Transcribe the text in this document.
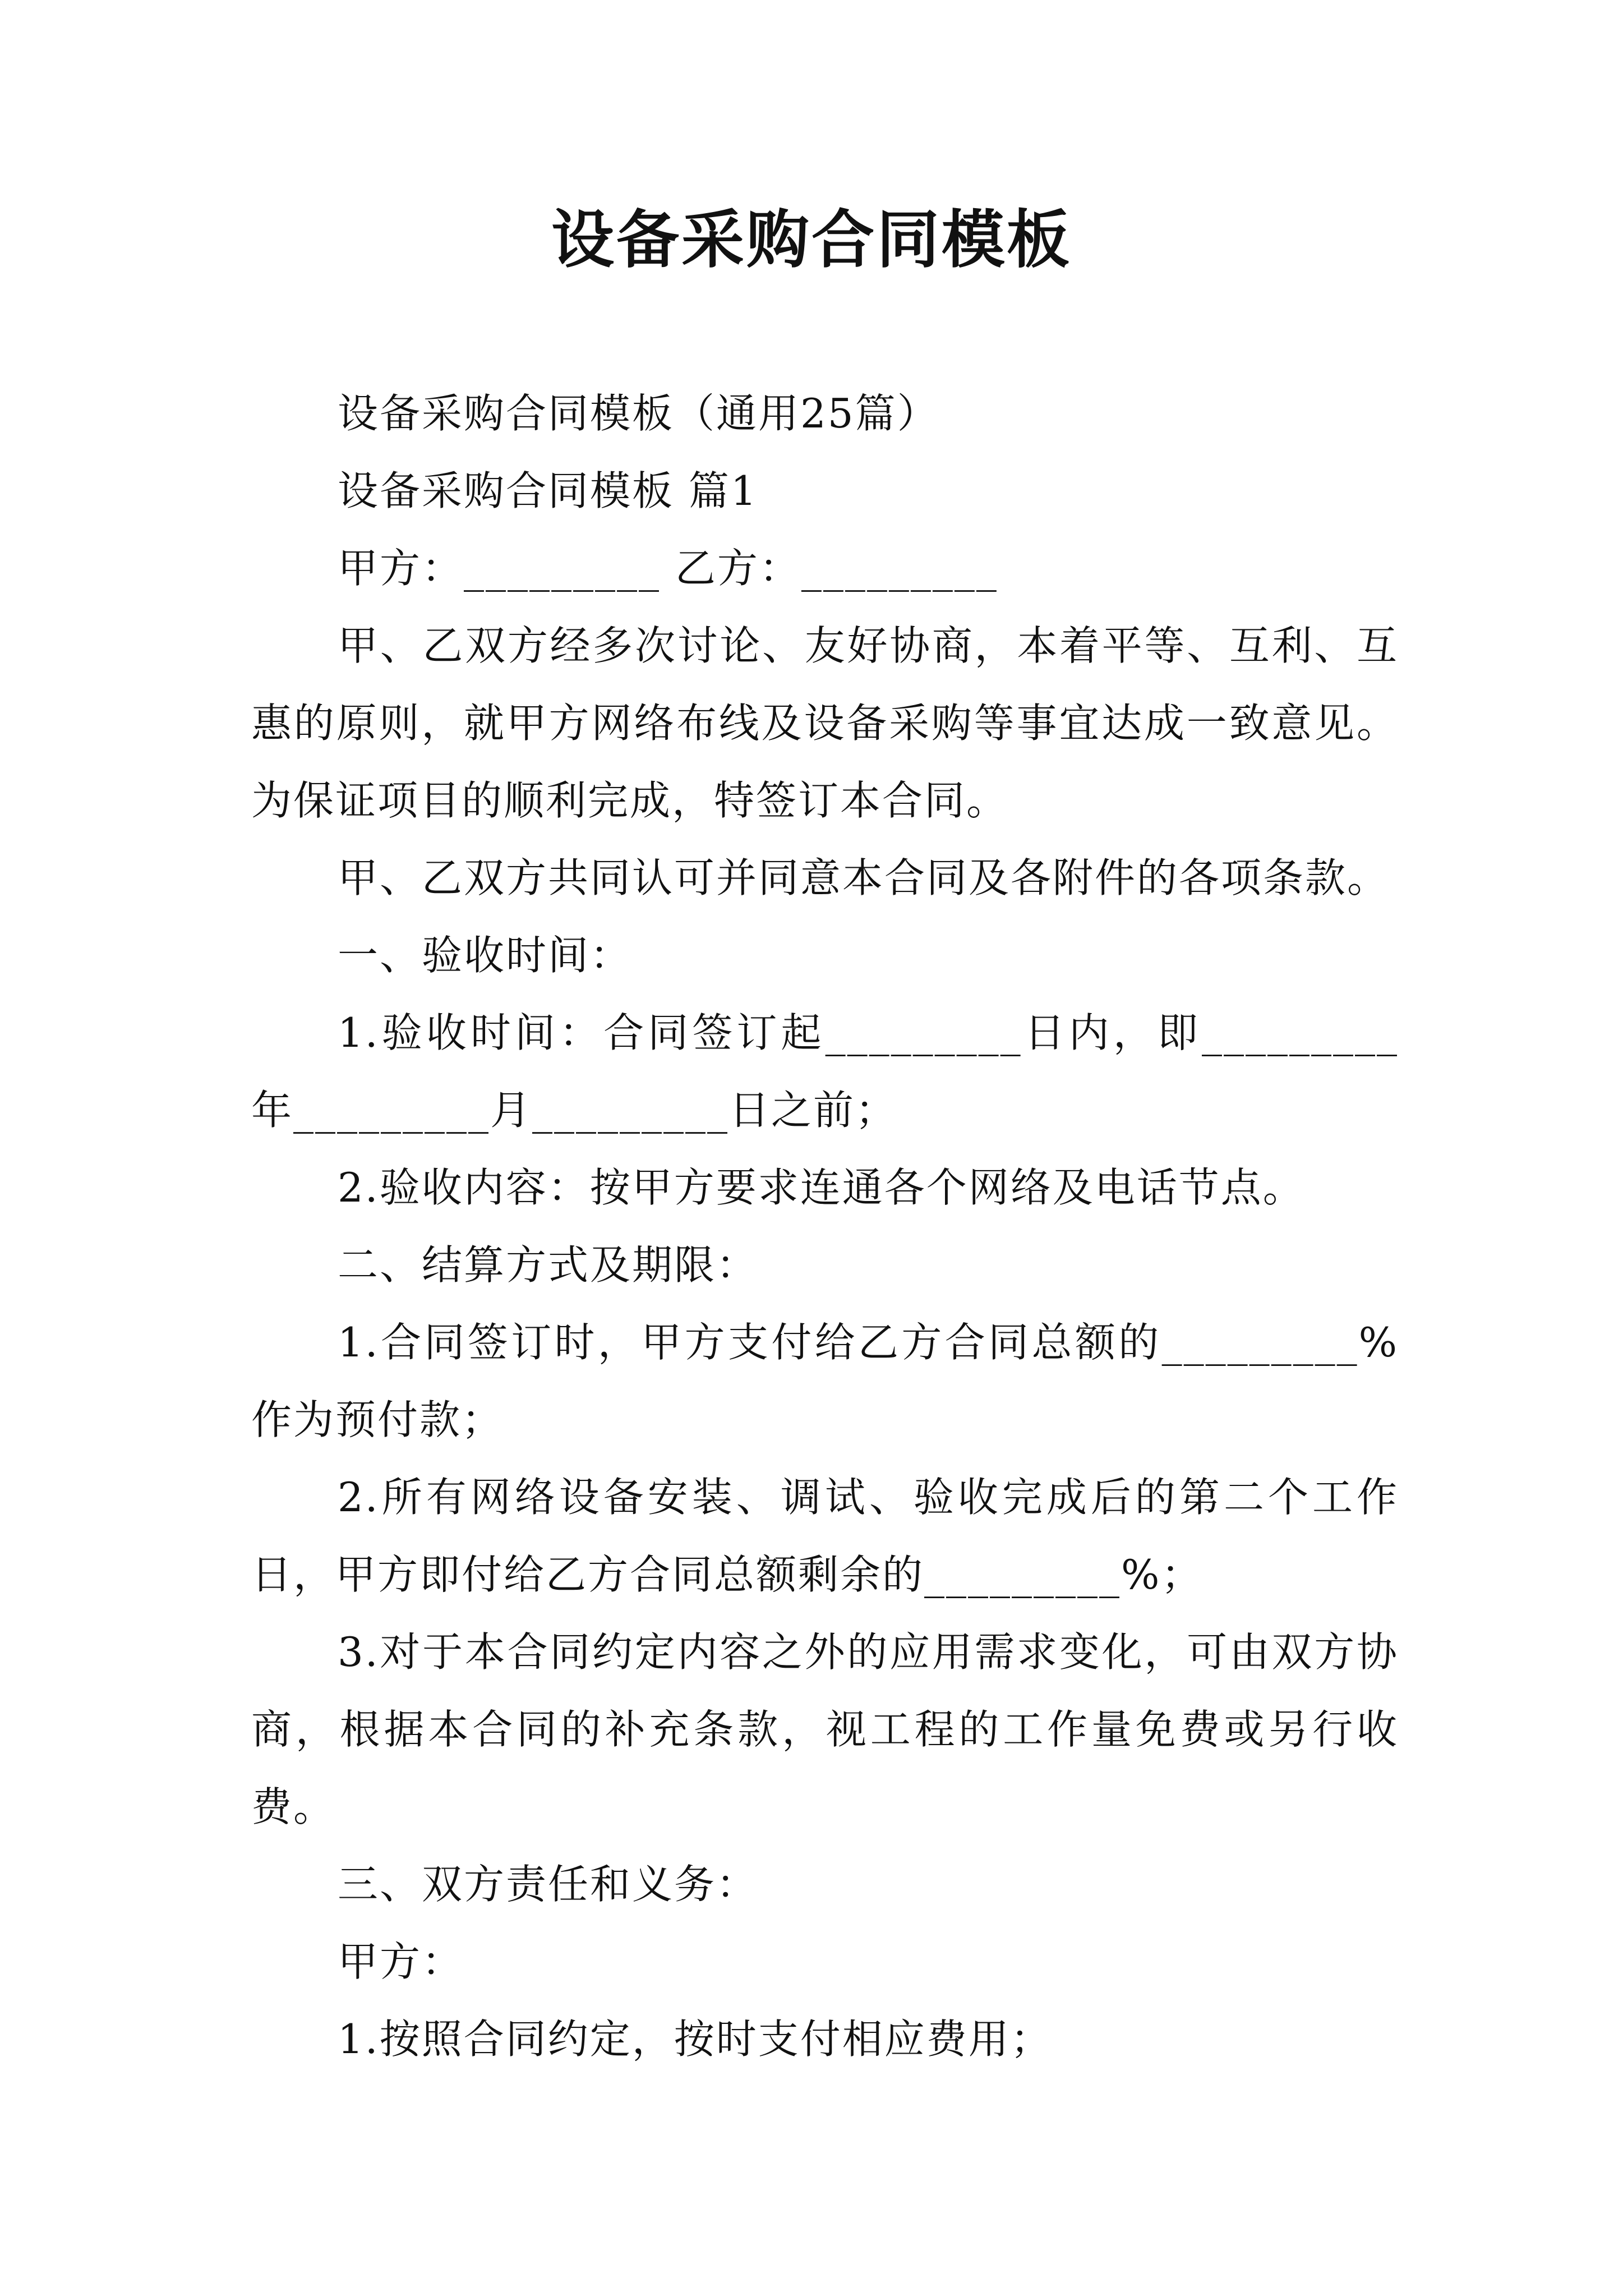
设备采购合同模板

设备采购合同模板（通用25篇）

设备采购合同模板 篇1

甲方：_________ 乙方：_________

甲、乙双方经多次讨论、友好协商，本着平等、互利、互惠的原则，就甲方网络布线及设备采购等事宜达成一致意见。为保证项目的顺利完成，特签订本合同。

甲、乙双方共同认可并同意本合同及各附件的各项条款。

一、验收时间：

1.验收时间：合同签订起_________日内，即_________年_________月_________日之前；

2.验收内容：按甲方要求连通各个网络及电话节点。

二、结算方式及期限：

1.合同签订时，甲方支付给乙方合同总额的_________%作为预付款；

2.所有网络设备安装、调试、验收完成后的第二个工作日，甲方即付给乙方合同总额剩余的_________%；

3.对于本合同约定内容之外的应用需求变化，可由双方协商，根据本合同的补充条款，视工程的工作量免费或另行收费。

三、双方责任和义务：

甲方：

1.按照合同约定，按时支付相应费用；
